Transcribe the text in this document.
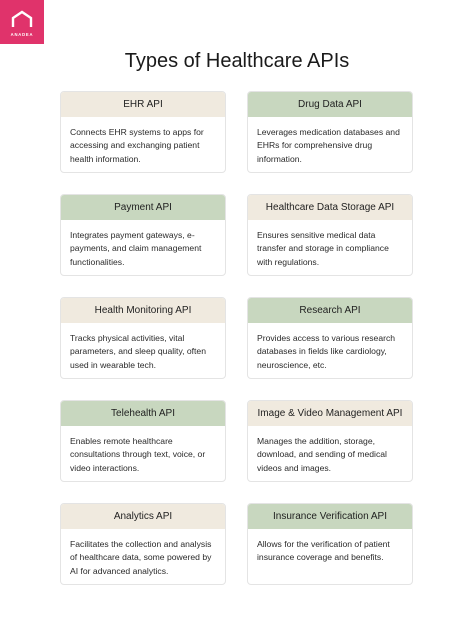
ANADEA
Types of Healthcare APIs
EHR API
Connects EHR systems to apps for accessing and exchanging patient health information.
Drug Data API
Leverages medication databases and EHRs for comprehensive drug information.
Payment API
Integrates payment gateways, e-payments, and claim management functionalities.
Healthcare Data Storage API
Ensures sensitive medical data transfer and storage in compliance with regulations.
Health Monitoring API
Tracks physical activities, vital parameters, and sleep quality, often used in wearable tech.
Research API
Provides access to various research databases in fields like cardiology, neuroscience, etc.
Telehealth API
Enables remote healthcare consultations through text, voice, or video interactions.
Image & Video Management API
Manages the addition, storage, download, and sending of medical videos and images.
Analytics API
Facilitates the collection and analysis of healthcare data, some powered by AI for advanced analytics.
Insurance Verification API
Allows for the verification of patient insurance coverage and benefits.
